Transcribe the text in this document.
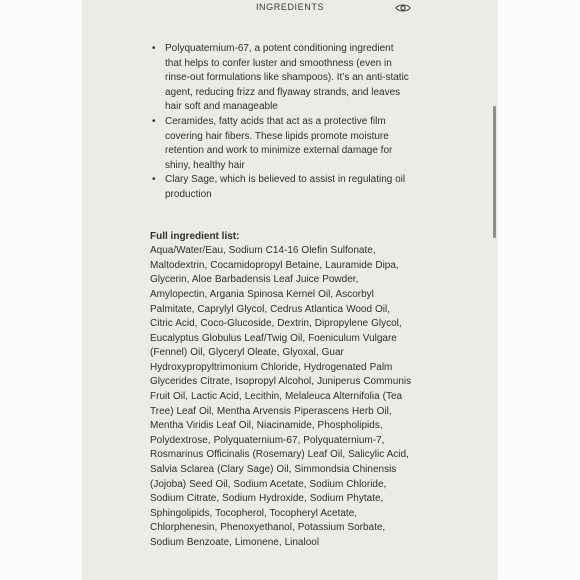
INGREDIENTS
• Polyquaternium-67, a potent conditioning ingredient that helps to confer luster and smoothness (even in rinse-out formulations like shampoos). It’s an anti-static agent, reducing frizz and flyaway strands, and leaves hair soft and manageable
• Ceramides, fatty acids that act as a protective film covering hair fibers. These lipids promote moisture retention and work to minimize external damage for shiny, healthy hair
• Clary Sage, which is believed to assist in regulating oil production
Full ingredient list:

Aqua/Water/Eau, Sodium C14-16 Olefin Sulfonate, Maltodextrin, Cocamidopropyl Betaine, Lauramide Dipa, Glycerin, Aloe Barbadensis Leaf Juice Powder, Amylopectin, Argania Spinosa Kernel Oil, Ascorbyl Palmitate, Caprylyl Glycol, Cedrus Atlantica Wood Oil, Citric Acid, Coco-Glucoside, Dextrin, Dipropylene Glycol, Eucalyptus Globulus Leaf/Twig Oil, Foeniculum Vulgare (Fennel) Oil, Glyceryl Oleate, Glyoxal, Guar Hydroxypropyltrimonium Chloride, Hydrogenated Palm Glycerides Citrate, Isopropyl Alcohol, Juniperus Communis Fruit Oil, Lactic Acid, Lecithin, Melaleuca Alternifolia (Tea Tree) Leaf Oil, Mentha Arvensis Piperascens Herb Oil, Mentha Viridis Leaf Oil, Niacinamide, Phospholipids, Polydextrose, Polyquaternium-67, Polyquaternium-7, Rosmarinus Officinalis (Rosemary) Leaf Oil, Salicylic Acid, Salvia Sclarea (Clary Sage) Oil, Simmondsia Chinensis (Jojoba) Seed Oil, Sodium Acetate, Sodium Chloride, Sodium Citrate, Sodium Hydroxide, Sodium Phytate, Sphingolipids, Tocopherol, Tocopheryl Acetate, Chlorphenesin, Phenoxyethanol, Potassium Sorbate, Sodium Benzoate, Limonene, Linalool
